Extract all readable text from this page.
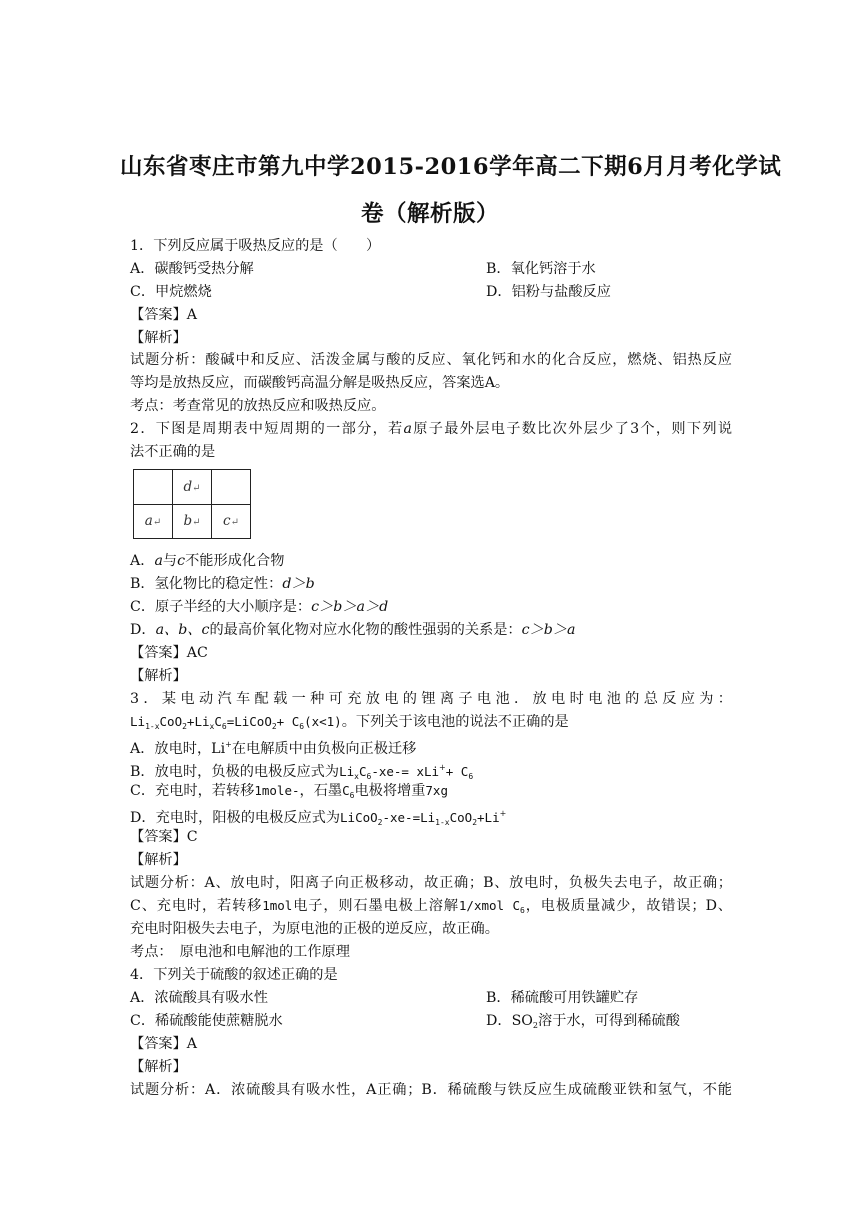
山东省枣庄市第九中学2015-2016学年高二下期6月月考化学试
卷（解析版）
1．下列反应属于吸热反应的是（　　）
A．碳酸钙受热分解	B．氧化钙溶于水
C．甲烷燃烧	D．铝粉与盐酸反应
【答案】A
【解析】
试题分析：酸碱中和反应、活泼金属与酸的反应、氧化钙和水的化合反应，燃烧、铝热反应
等均是放热反应，而碳酸钙高温分解是吸热反应，答案选A。
考点：考查常见的放热反应和吸热反应。
2．下图是周期表中短周期的一部分，若a原子最外层电子数比次外层少了3个，则下列说
法不正确的是
	d↵	
a↵	b↵	c↵
A．a与c不能形成化合物
B．氢化物比的稳定性：d＞b
C．原子半经的大小顺序是：c＞b＞a＞d
D．a、b、c的最高价氧化物对应水化物的酸性强弱的关系是：c＞b＞a
【答案】AC
【解析】
3．某电动汽车配载一种可充放电的锂离子电池．放电时电池的总反应为：
$Li_{1-x}CoO_2+Li_xC_6=LiCoO_2+ C_6(x<1)$。下列关于该电池的说法不正确的是
A．放电时，Li+在电解质中由负极向正极迁移
B．放电时，负极的电极反应式为$Li_xC_6-xe-= xLi^++ C_6$
C．充电时，若转移1mole-，石墨$C_6$电极将增重7xg
D．充电时，阳极的电极反应式为$LiCoO_2-xe-=Li_{1-x}CoO_2+Li^+$
【答案】C
【解析】
试题分析：A、放电时，阳离子向正极移动，故正确；B、放电时，负极失去电子，故正确；
C、充电时，若转移1mol电子，则石墨电极上溶解1/xmol $C_6$，电极质量减少，故错误；D、
充电时阳极失去电子，为原电池的正极的逆反应，故正确。
考点：　原电池和电解池的工作原理
4．下列关于硫酸的叙述正确的是
A．浓硫酸具有吸水性	B．稀硫酸可用铁罐贮存
C．稀硫酸能使蔗糖脱水	D．$SO_2$溶于水，可得到稀硫酸
【答案】A
【解析】
试题分析：A．浓硫酸具有吸水性，A正确；B．稀硫酸与铁反应生成硫酸亚铁和氢气，不能
